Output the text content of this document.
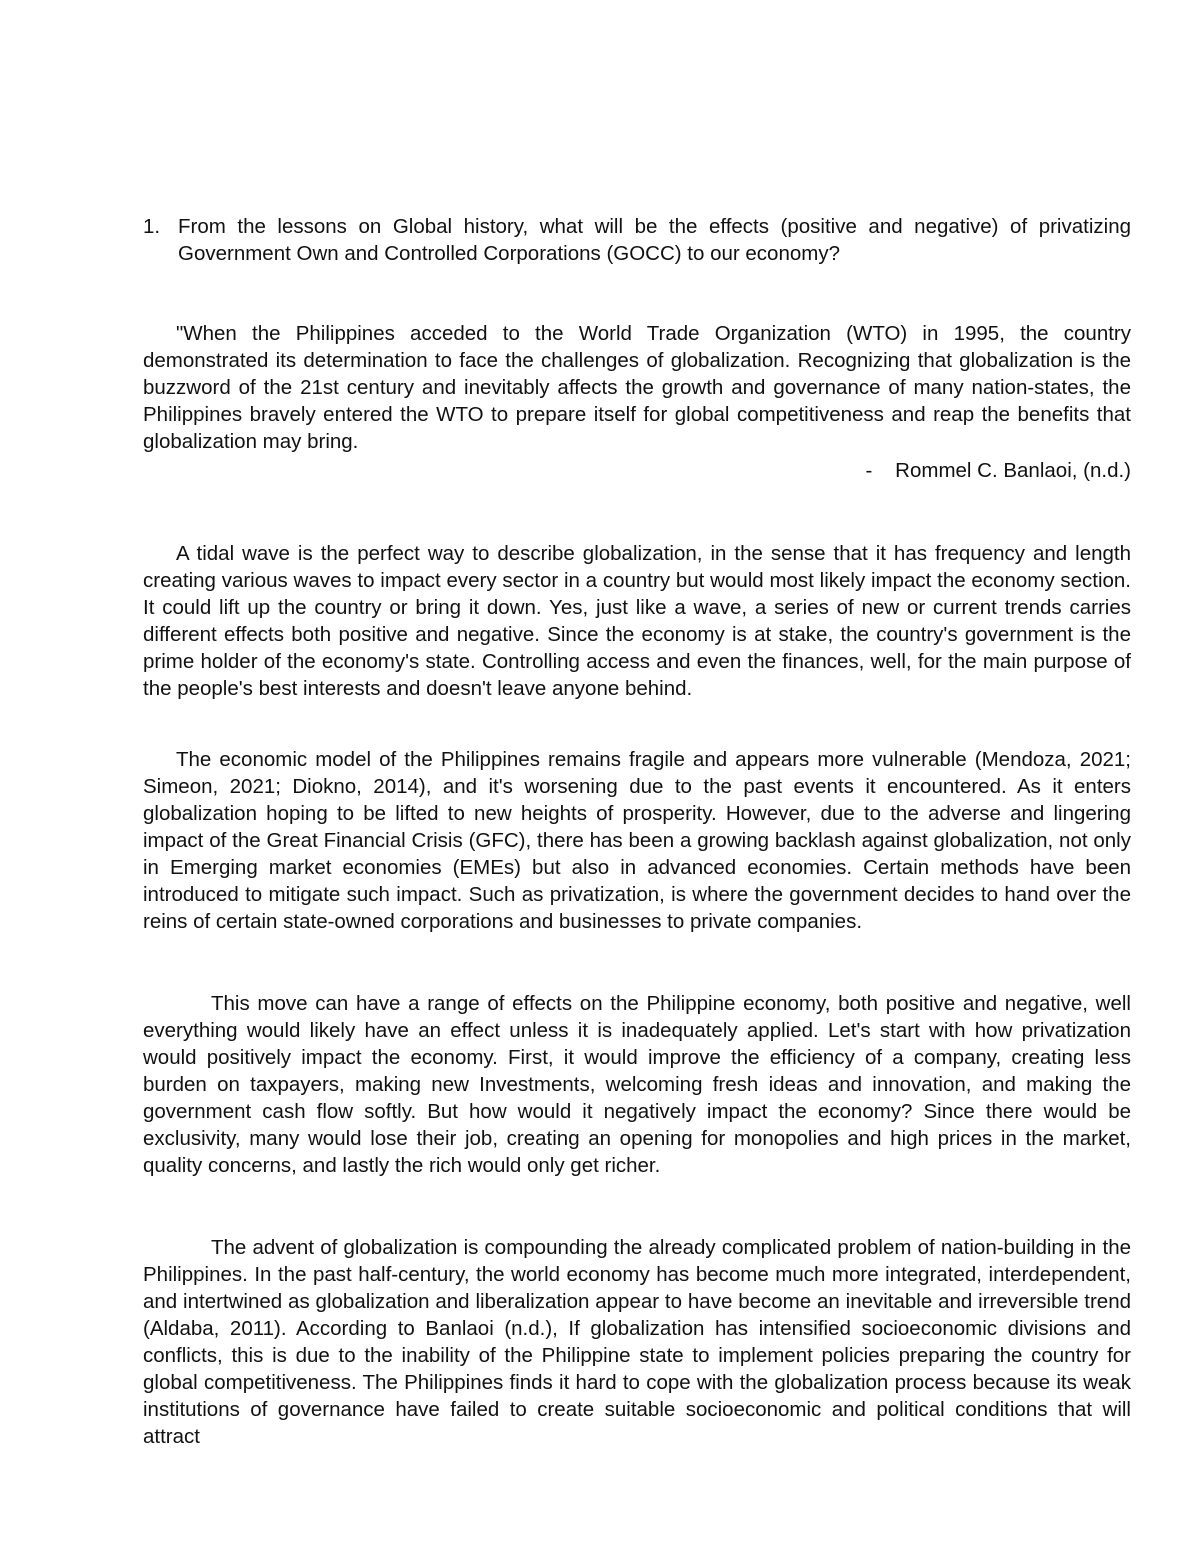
1. From the lessons on Global history, what will be the effects (positive and negative) of privatizing Government Own and Controlled Corporations (GOCC) to our economy?

"When the Philippines acceded to the World Trade Organization (WTO) in 1995, the country demonstrated its determination to face the challenges of globalization. Recognizing that globalization is the buzzword of the 21st century and inevitably affects the growth and governance of many nation-states, the Philippines bravely entered the WTO to prepare itself for global competitiveness and reap the benefits that globalization may bring.

-    Rommel C. Banlaoi, (n.d.)

A tidal wave is the perfect way to describe globalization, in the sense that it has frequency and length creating various waves to impact every sector in a country but would most likely impact the economy section. It could lift up the country or bring it down. Yes, just like a wave, a series of new or current trends carries different effects both positive and negative. Since the economy is at stake, the country's government is the prime holder of the economy's state. Controlling access and even the finances, well, for the main purpose of the people's best interests and doesn't leave anyone behind.

The economic model of the Philippines remains fragile and appears more vulnerable (Mendoza, 2021; Simeon, 2021; Diokno, 2014), and it's worsening due to the past events it encountered. As it enters globalization hoping to be lifted to new heights of prosperity. However, due to the adverse and lingering impact of the Great Financial Crisis (GFC), there has been a growing backlash against globalization, not only in Emerging market economies (EMEs) but also in advanced economies. Certain methods have been introduced to mitigate such impact. Such as privatization, is where the government decides to hand over the reins of certain state-owned corporations and businesses to private companies.

This move can have a range of effects on the Philippine economy, both positive and negative, well everything would likely have an effect unless it is inadequately applied. Let's start with how privatization would positively impact the economy. First, it would improve the efficiency of a company, creating less burden on taxpayers, making new Investments, welcoming fresh ideas and innovation, and making the government cash flow softly. But how would it negatively impact the economy? Since there would be exclusivity, many would lose their job, creating an opening for monopolies and high prices in the market, quality concerns, and lastly the rich would only get richer.

The advent of globalization is compounding the already complicated problem of nation-building in the Philippines. In the past half-century, the world economy has become much more integrated, interdependent, and intertwined as globalization and liberalization appear to have become an inevitable and irreversible trend (Aldaba, 2011). According to Banlaoi (n.d.), If globalization has intensified socioeconomic divisions and conflicts, this is due to the inability of the Philippine state to implement policies preparing the country for global competitiveness. The Philippines finds it hard to cope with the globalization process because its weak institutions of governance have failed to create suitable socioeconomic and political conditions that will attract
